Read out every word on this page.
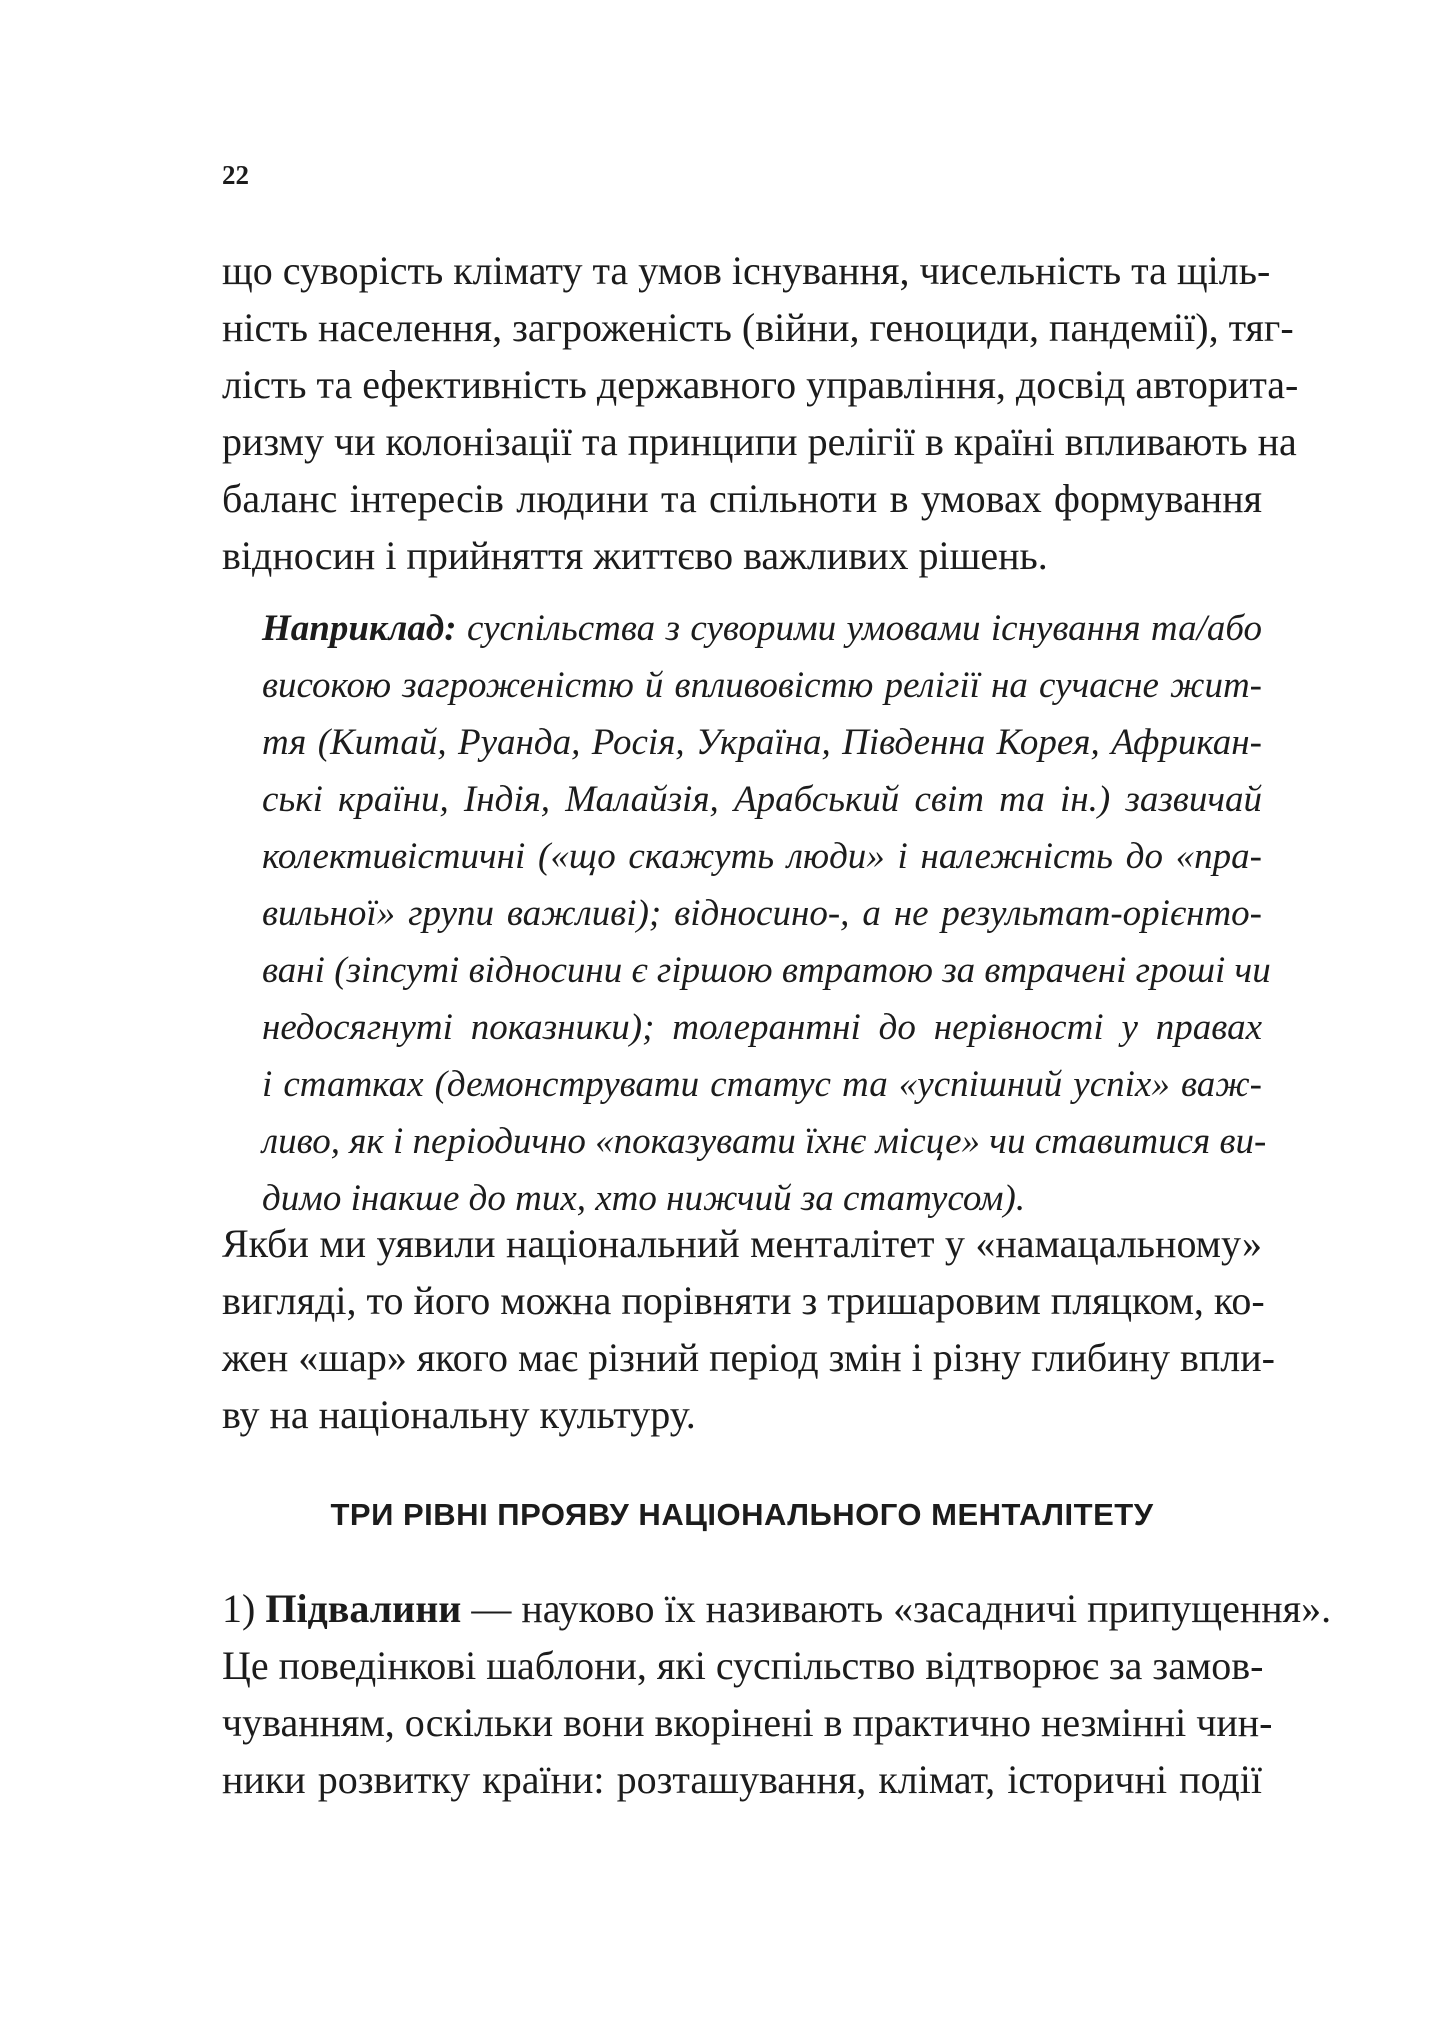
22
що суворість клімату та умов існування, чисельність та щіль-
ність населення, загроженість (війни, геноциди, пандемії), тяг-
лість та ефективність державного управління, досвід авторита-
ризму чи колонізації та принципи релігії в країні впливають на
баланс інтересів людини та спільноти в умовах формування
відносин і прийняття життєво важливих рішень.
Наприклад: суспільства з суворими умовами існування та/або
високою загроженістю й впливовістю релігії на сучасне жит-
тя (Китай, Руанда, Росія, Україна, Південна Корея, Африкан-
ські країни, Індія, Малайзія, Арабський світ та ін.) зазвичай
колективістичні («що скажуть люди» і належність до «пра-
вильної» групи важливі); відносино-, а не результат-орієнто-
вані (зіпсуті відносини є гіршою втратою за втрачені гроші чи
недосягнуті показники); толерантні до нерівності у правах
і статках (демонструвати статус та «успішний успіх» важ-
ливо, як і періодично «показувати їхнє місце» чи ставитися ви-
димо інакше до тих, хто нижчий за статусом).
Якби ми уявили національний менталітет у «намацальному»
вигляді, то його можна порівняти з тришаровим пляцком, ко-
жен «шар» якого має різний період змін і різну глибину впли-
ву на національну культуру.
ТРИ РІВНІ ПРОЯВУ НАЦІОНАЛЬНОГО МЕНТАЛІТЕТУ
1) Підвалини — науково їх називають «засадничі припущення».
Це поведінкові шаблони, які суспільство відтворює за замов-
чуванням, оскільки вони вкорінені в практично незмінні чин-
ники розвитку країни: розташування, клімат, історичні події
